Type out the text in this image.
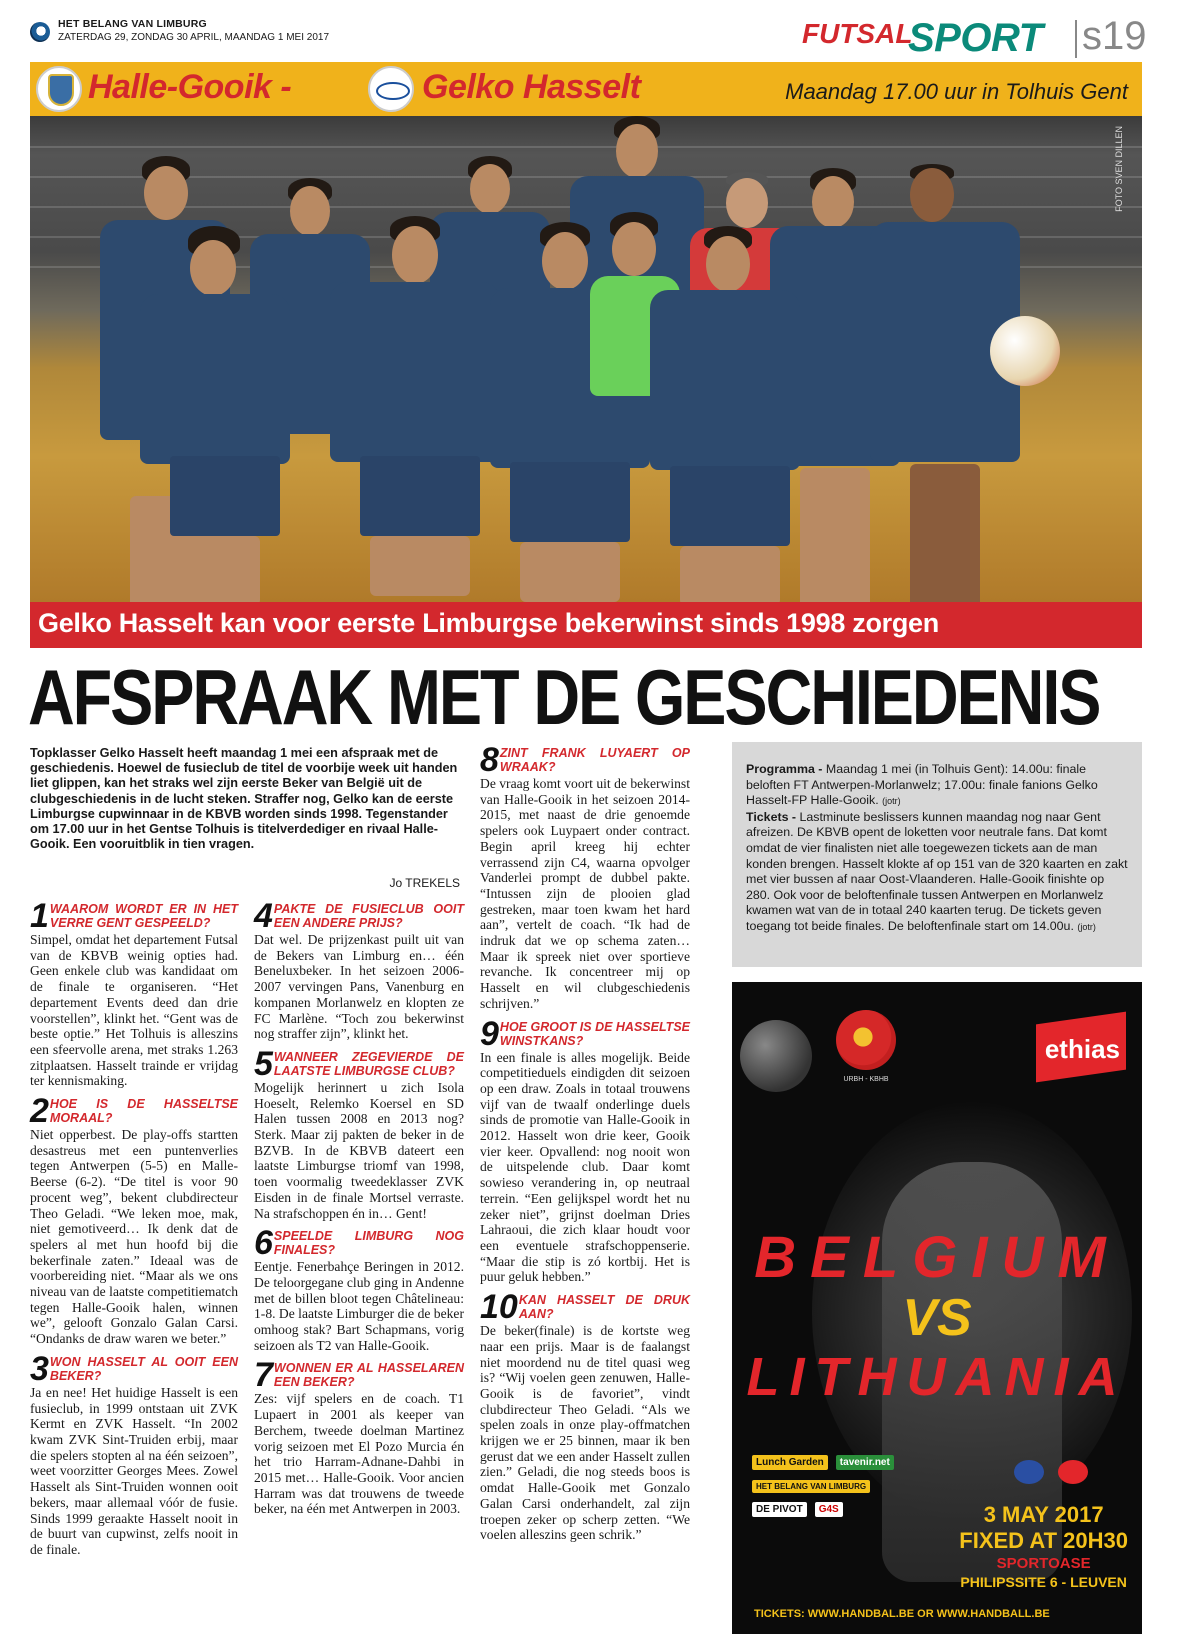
HET BELANG VAN LIMBURG
ZATERDAG 29, ZONDAG 30 APRIL, MAANDAG 1 MEI 2017	FUTSAL
SPORT s19
Halle-Gooik -	Gelko Hasselt	Maandag 17.00 uur in Tolhuis Gent
FOTO SVEN DILLEN
Gelko Hasselt kan voor eerste Limburgse bekerwinst sinds 1998 zorgen
AFSPRAAK MET DE GESCHIEDENIS
Topklasser Gelko Hasselt heeft maandag 1 mei een afspraak met de geschiedenis. Hoewel de fusieclub de titel de voorbije week uit handen liet glippen, kan het straks wel zijn eerste Beker van België uit de clubgeschiedenis in de lucht steken. Straffer nog, Gelko kan de eerste Limburgse cupwinnaar in de KBVB worden sinds 1998. Tegenstander om 17.00 uur in het Gentse Tolhuis is titelverdediger en rivaal Halle-Gooik. Een vooruitblik in tien vragen.
Jo TREKELS
1 WAAROM WORDT ER IN HET VERRE GENT GESPEELD?

Simpel, omdat het departement Futsal van de KBVB weinig opties had. Geen enkele club was kandidaat om de finale te organiseren. “Het departement Events deed dan drie voorstellen”, klinkt het. “Gent was de beste optie.” Het Tolhuis is alleszins een sfeervolle arena, met straks 1.263 zitplaatsen. Hasselt trainde er vrijdag ter kennismaking.

2 HOE IS DE HASSELTSE MORAAL?

Niet opperbest. De play-offs startten desastreus met een puntenverlies tegen Antwerpen (5-5) en Malle-Beerse (6-2). “De titel is voor 90 procent weg”, bekent clubdirecteur Theo Geladi. “We leken moe, mak, niet gemotiveerd… Ik denk dat de spelers al met hun hoofd bij die bekerfinale zaten.” Ideaal was de voorbereiding niet. “Maar als we ons niveau van de laatste competitiematch tegen Halle-Gooik halen, winnen we”, gelooft Gonzalo Galan Carsi. “Ondanks de draw waren we beter.”

3 WON HASSELT AL OOIT EEN BEKER?

Ja en nee! Het huidige Hasselt is een fusieclub, in 1999 ontstaan uit ZVK Kermt en ZVK Hasselt. “In 2002 kwam ZVK Sint-Truiden erbij, maar die spelers stopten al na één seizoen”, weet voorzitter Georges Mees. Zowel Hasselt als Sint-Truiden wonnen ooit bekers, maar allemaal vóór de fusie. Sinds 1999 geraakte Hasselt nooit in de buurt van cupwinst, zelfs nooit in de finale.

4 PAKTE DE FUSIECLUB OOIT EEN ANDERE PRIJS?

Dat wel. De prijzenkast puilt uit van de Bekers van Limburg en… één Beneluxbeker. In het seizoen 2006-2007 vervingen Pans, Vanenburg en kompanen Morlanwelz en klopten ze FC Marlène. “Toch zou bekerwinst nog straffer zijn”, klinkt het.

5 WANNEER ZEGEVIERDE DE LAATSTE LIMBURGSE CLUB?

Mogelijk herinnert u zich Isola Hoeselt, Relemko Koersel en SD Halen tussen 2008 en 2013 nog? Sterk. Maar zij pakten de beker in de BZVB. In de KBVB dateert een laatste Limburgse triomf van 1998, toen voormalig tweedeklasser ZVK Eisden in de finale Mortsel verraste. Na strafschoppen én in… Gent!

6 SPEELDE LIMBURG NOG FINALES?

Eentje. Fenerbahçe Beringen in 2012. De teloorgegane club ging in Andenne met de billen bloot tegen Châtelineau: 1-8. De laatste Limburger die de beker omhoog stak? Bart Schapmans, vorig seizoen als T2 van Halle-Gooik.

7 WONNEN ER AL HASSELAREN EEN BEKER?

Zes: vijf spelers en de coach. T1 Lupaert in 2001 als keeper van Berchem, tweede doelman Martinez vorig seizoen met El Pozo Murcia én het trio Harram-Adnane-Dahbi in 2015 met… Halle-Gooik. Voor ancien Harram was dat trouwens de tweede beker, na één met Antwerpen in 2003.

8 ZINT FRANK LUYAERT OP WRAAK?

De vraag komt voort uit de bekerwinst van Halle-Gooik in het seizoen 2014-2015, met naast de drie genoemde spelers ook Luypaert onder contract. Begin april kreeg hij echter verrassend zijn C4, waarna opvolger Vanderlei prompt de dubbel pakte. “Intussen zijn de plooien glad gestreken, maar toen kwam het hard aan”, vertelt de coach. “Ik had de indruk dat we op schema zaten… Maar ik spreek niet over sportieve revanche. Ik concentreer mij op Hasselt en wil clubgeschiedenis schrijven.”

9 HOE GROOT IS DE HASSELTSE WINSTKANS?

In een finale is alles mogelijk. Beide competitieduels eindigden dit seizoen op een draw. Zoals in totaal trouwens vijf van de twaalf onderlinge duels sinds de promotie van Halle-Gooik in 2012. Hasselt won drie keer, Gooik vier keer. Opvallend: nog nooit won de uitspelende club. Daar komt sowieso verandering in, op neutraal terrein. “Een gelijkspel wordt het nu zeker niet”, grijnst doelman Dries Lahraoui, die zich klaar houdt voor een eventuele strafschoppenserie. “Maar die stip is zó kortbij. Het is puur geluk hebben.”

10 KAN HASSELT DE DRUK AAN?

De beker(finale) is de kortste weg naar een prijs. Maar is de faalangst niet moordend nu de titel quasi weg is? “Wij voelen geen zenuwen, Halle-Gooik is de favoriet”, vindt clubdirecteur Theo Geladi. “Als we spelen zoals in onze play-offmatchen krijgen we er 25 binnen, maar ik ben gerust dat we een ander Hasselt zullen zien.” Geladi, die nog steeds boos is omdat Halle-Gooik met Gonzalo Galan Carsi onderhandelt, zal zijn troepen zeker op scherp zetten. “We voelen alleszins geen schrik.”

Programma - Maandag 1 mei (in Tolhuis Gent): 14.00u: finale beloften FT Antwerpen-Morlanwelz; 17.00u: finale fanions Gelko Hasselt-FP Halle-Gooik. (jotr)

Tickets - Lastminute beslissers kunnen maandag nog naar Gent afreizen. De KBVB opent de loketten voor neutrale fans. Dat komt omdat de vier finalisten niet alle toegewezen tickets aan de man konden brengen. Hasselt klokte af op 151 van de 320 kaarten en zakt met vier bussen af naar Oost-Vlaanderen. Halle-Gooik finishte op 280. Ook voor de beloftenfinale tussen Antwerpen en Morlanwelz kwamen wat van de in totaal 240 kaarten terug. De tickets geven toegang tot beide finales. De beloftenfinale start om 14.00u. (jotr)

URBH - KBHB
ethias
BELGIUM
VS
LITHUANIA
Lunch Garden tavenir.net HET BELANG VAN LIMBURG DE PIVOT G4S
	3 MAY 2017
FIXED AT 20H30
SPORTOASE
PHILIPSSITE 6 - LEUVEN
TICKETS: WWW.HANDBAL.BE OR WWW.HANDBALL.BE
